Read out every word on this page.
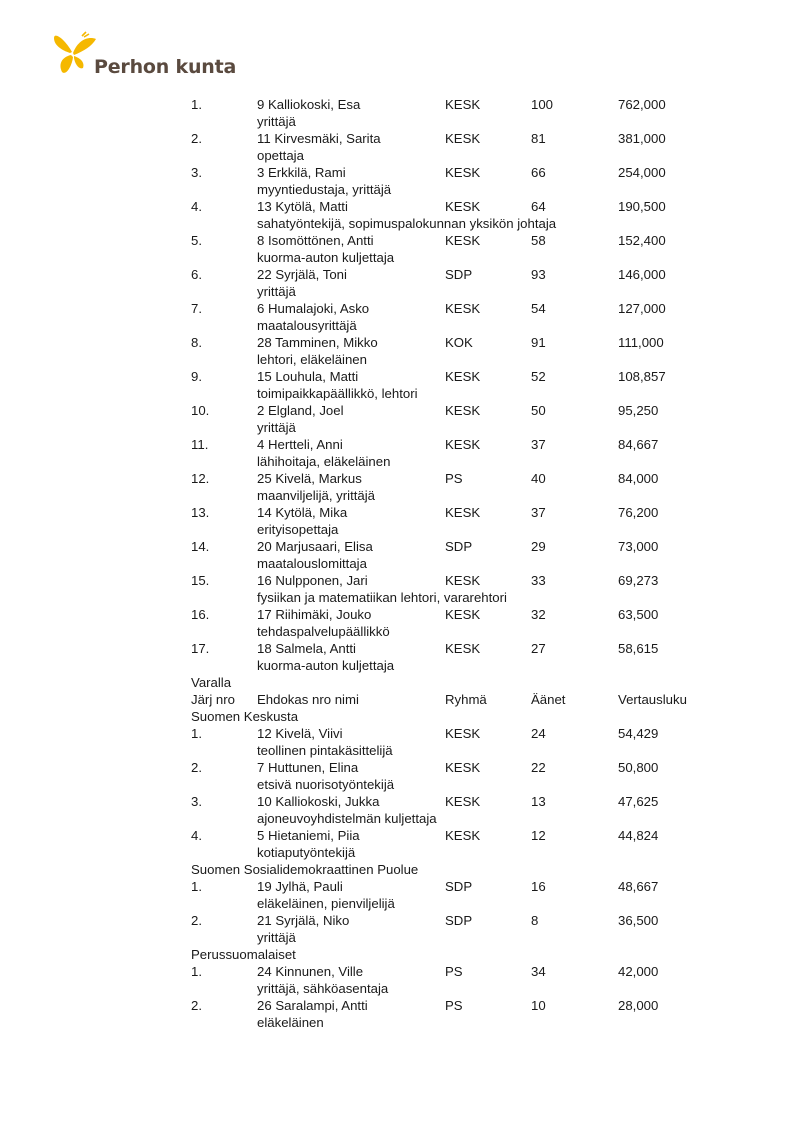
Perhon kunta
1.	9 Kalliokoski, Esa	KESK	100	762,000
yrittäjä
2.	11 Kirvesmäki, Sarita	KESK	81	381,000
opettaja
3.	3 Erkkilä, Rami	KESK	66	254,000
myyntiedustaja, yrittäjä
4.	13 Kytölä, Matti	KESK	64	190,500
sahatyöntekijä, sopimuspalokunnan yksikön johtaja
5.	8 Isomöttönen, Antti	KESK	58	152,400
kuorma-auton kuljettaja
6.	22 Syrjälä, Toni	SDP	93	146,000
yrittäjä
7.	6 Humalajoki, Asko	KESK	54	127,000
maatalousyrittäjä
8.	28 Tamminen, Mikko	KOK	91	111,000
lehtori, eläkeläinen
9.	15 Louhula, Matti	KESK	52	108,857
toimipaikkapäällikkö, lehtori
10.	2 Elgland, Joel	KESK	50	95,250
yrittäjä
11.	4 Hertteli, Anni	KESK	37	84,667
lähihoitaja, eläkeläinen
12.	25 Kivelä, Markus	PS	40	84,000
maanviljelijä, yrittäjä
13.	14 Kytölä, Mika	KESK	37	76,200
erityisopettaja
14.	20 Marjusaari, Elisa	SDP	29	73,000
maatalouslomittaja
15.	16 Nulpponen, Jari	KESK	33	69,273
fysiikan ja matematiikan lehtori, vararehtori
16.	17 Riihimäki, Jouko	KESK	32	63,500
tehdaspalvelupäällikkö
17.	18 Salmela, Antti	KESK	27	58,615
kuorma-auton kuljettaja
Varalla
Järj nro Ehdokas nro nimi	Ryhmä	Äänet	Vertausluku
Suomen Keskusta
1.	12 Kivelä, Viivi	KESK	24	54,429
teollinen pintakäsittelijä
2.	7 Huttunen, Elina	KESK	22	50,800
etsivä nuorisotyöntekijä
3.	10 Kalliokoski, Jukka	KESK	13	47,625
ajoneuvoyhdistelmän kuljettaja
4.	5 Hietaniemi, Piia	KESK	12	44,824
kotiaputyöntekijä
Suomen Sosialidemokraattinen Puolue
1.	19 Jylhä, Pauli	SDP	16	48,667
eläkeläinen, pienviljelijä
2.	21 Syrjälä, Niko	SDP	8	36,500
yrittäjä
Perussuomalaiset
1.	24 Kinnunen, Ville	PS	34	42,000
yrittäjä, sähköasentaja
2.	26 Saralampi, Antti	PS	10	28,000
eläkeläinen
